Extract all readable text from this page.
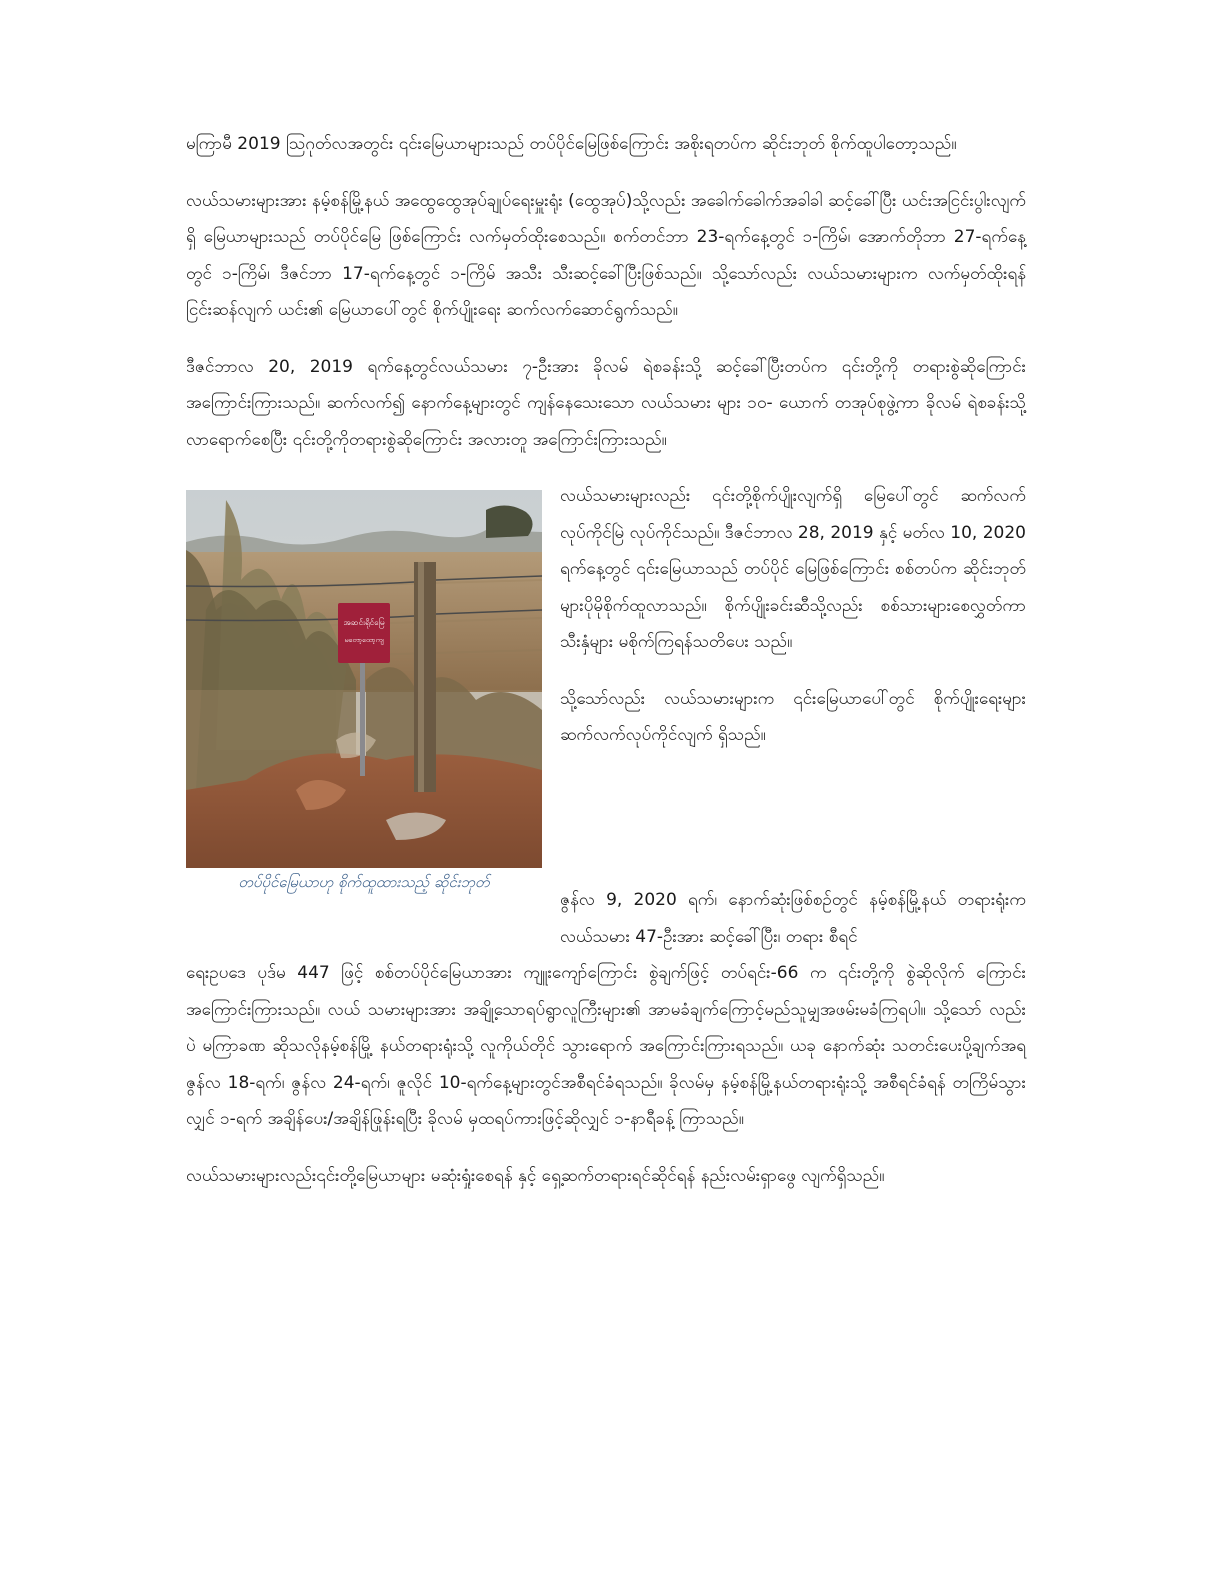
မကြာမီ 2019 ဩဂုတ်လအတွင်း ၎င်းမြေယာများသည် တပ်ပိုင်မြေဖြစ်ကြောင်း အစိုးရတပ်က ဆိုင်းဘုတ် စိုက်ထူပါတော့သည်။

လယ်သမားများအား နမ့်စန်မြို့နယ် အထွေထွေအုပ်ချုပ်ရေးမှူးရုံး (ထွေအုပ်)သို့လည်း အခေါက်ခေါက်အခါခါ ဆင့်ခေါ်ပြီး ယင်းအငြင်းပွါးလျက်ရှိ မြေယာများသည် တပ်ပိုင်မြေ ဖြစ်ကြောင်း လက်မှတ်ထိုးစေသည်။ စက်တင်ဘာ 23-ရက်နေ့တွင် ၁-ကြိမ်၊ အောက်တိုဘာ 27-ရက်နေ့တွင် ၁-ကြိမ်၊ ဒီဇင်ဘာ 17-ရက်နေ့တွင် ၁-ကြိမ် အသီး သီးဆင့်ခေါ်ပြီးဖြစ်သည်။ သို့သော်လည်း လယ်သမားများက လက်မှတ်ထိုးရန် ငြင်းဆန်လျက် ယင်း၏ မြေယာပေါ်တွင် စိုက်ပျိုးရေး ဆက်လက်ဆောင်ရွက်သည်။

ဒီဇင်ဘာလ 20, 2019 ရက်နေ့တွင်လယ်သမား ၇-ဦးအား ခိုလမ် ရဲစခန်းသို့ ဆင့်ခေါ်ပြီးတပ်က ၎င်းတို့ကို တရားစွဲဆိုကြောင်း အကြောင်းကြားသည်။ ဆက်လက်၍ နောက်နေ့များတွင် ကျန်နေသေးသော လယ်သမား များ ၁၀- ယောက် တအုပ်စုဖွဲ့ကာ ခိုလမ် ရဲစခန်းသို့ လာရောက်စေပြီး ၎င်းတို့ကိုတရားစွဲဆိုကြောင်း အလားတူ အကြောင်းကြားသည်။

အဆင်းရိုင်မြေ
မတော့ထော့ကျ
တပ်ပိုင်မြေယာဟု စိုက်ထူထားသည့် ဆိုင်းဘုတ်

လယ်သမားများလည်း ၎င်းတို့စိုက်ပျိုးလျက်ရှိ မြေပေါ်တွင် ဆက်လက်လုပ်ကိုင်မြဲ လုပ်ကိုင်သည်။ ဒီဇင်ဘာလ 28, 2019 နှင့် မတ်လ 10, 2020 ရက်နေ့တွင် ၎င်းမြေယာသည် တပ်ပိုင် မြေဖြစ်ကြောင်း စစ်တပ်က ဆိုင်းဘုတ် များပိုမိုစိုက်ထူလာသည်။ စိုက်ပျိုးခင်းဆီသို့လည်း စစ်သားများစေလွှတ်ကာ သီးနှံများ မစိုက်ကြရန်သတိပေး သည်။

သို့သော်လည်း လယ်သမားများက ၎င်းမြေယာပေါ်တွင် စိုက်ပျိုးရေးများ ဆက်လက်လုပ်ကိုင်လျက် ရှိသည်။

ဇွန်လ 9, 2020 ရက်၊ နောက်ဆုံးဖြစ်စဉ်တွင် နမ့်စန်မြို့နယ် တရားရုံးက လယ်သမား 47-ဦးအား ဆင့်ခေါ်ပြီး၊ တရား စီရင်

ရေးဥပဒေ ပုဒ်မ 447 ဖြင့် စစ်တပ်ပိုင်မြေယာအား ကျူးကျော်ကြောင်း စွဲချက်ဖြင့် တပ်ရင်း-66 က ၎င်းတို့ကို စွဲဆိုလိုက် ကြောင်း အကြောင်းကြားသည်။ လယ် သမားများအား အချို့သောရပ်ရွာလူကြီးများ၏ အာမခံချက်ကြောင့်မည်သူမျှအဖမ်းမခံကြရပါ။ သို့သော် လည်း ပဲ မကြာခဏ ဆိုသလိုနမ့်စန်မြို့ နယ်တရားရုံးသို့ လူကိုယ်တိုင် သွားရောက် အကြောင်းကြားရသည်။ ယခု နောက်ဆုံး သတင်းပေးပို့ချက်အရ ဇွန်လ 18-ရက်၊ ဇွန်လ 24-ရက်၊ ဇူလိုင် 10-ရက်နေ့များတွင်အစီရင်ခံရသည်။ ခိုလမ်မှ နမ့်စန်မြို့နယ်တရားရုံးသို့ အစီရင်ခံရန် တကြိမ်သွားလျှင် ၁-ရက် အချိန်ပေး/အချိန်ဖြုန်းရပြီး ခိုလမ် မှထရပ်ကားဖြင့်ဆိုလျှင် ၁-နာရီခန့် ကြာသည်။

လယ်သမားများလည်း၎င်းတို့မြေယာများ မဆုံးရှုံးစေရန် နှင့် ရှေ့ဆက်တရားရင်ဆိုင်ရန် နည်းလမ်းရှာဖွေ လျက်ရှိသည်။
